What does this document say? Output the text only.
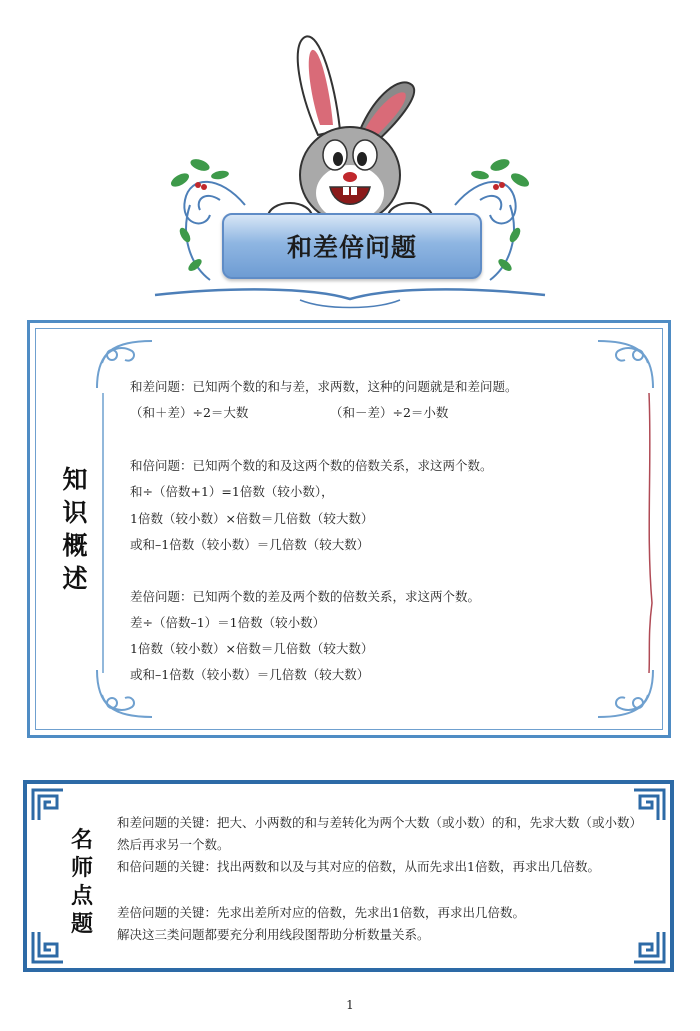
和差倍问题
知
识
概
述
和差问题：已知两个数的和与差，求两数，这种的问题就是和差问题。
（和＋差）÷2＝大数	（和－差）÷2＝小数
和倍问题：已知两个数的和及这两个数的倍数关系，求这两个数。
和÷（倍数+1）=1倍数（较小数），
1倍数（较小数）×倍数＝几倍数（较大数）
或和–1倍数（较小数）＝几倍数（较大数）
差倍问题：已知两个数的差及两个数的倍数关系，求这两个数。
差÷（倍数–1）＝1倍数（较小数）
1倍数（较小数）×倍数＝几倍数（较大数）
或和–1倍数（较小数）＝几倍数（较大数）
名
师
点
题
和差问题的关键：把大、小两数的和与差转化为两个大数（或小数）的和，先求大数（或小数）然后再求另一个数。
和倍问题的关键：找出两数和以及与其对应的倍数，从而先求出1倍数，再求出几倍数。
差倍问题的关键：先求出差所对应的倍数，先求出1倍数，再求出几倍数。
解决这三类问题都要充分利用线段图帮助分析数量关系。
1
